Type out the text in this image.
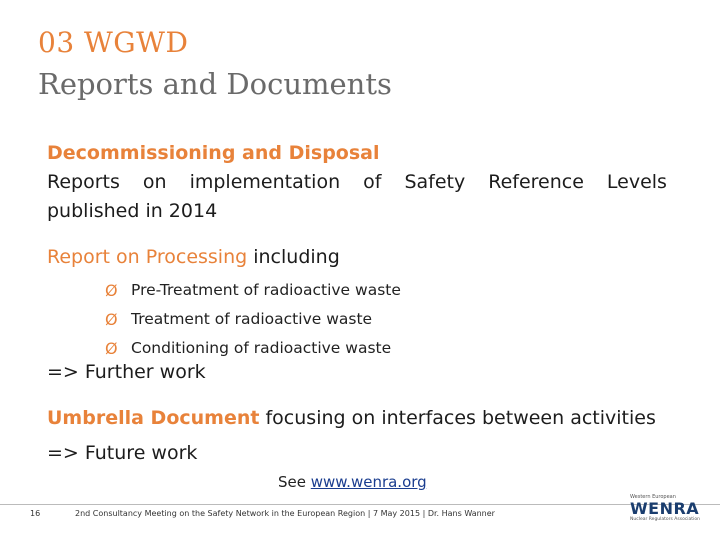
03 WGWD
Reports and Documents
Decommissioning and Disposal
Reports on implementation of Safety Reference Levels
published in 2014
Report on Processing including
Ø Pre-Treatment of radioactive waste
Ø Treatment of radioactive waste
Ø Conditioning of radioactive waste
=> Further work
Umbrella Document focusing on interfaces between activities
=> Future work
See www.wenra.org
16	2nd Consultancy Meeting on the Safety Network in the European Region | 7 May 2015 | Dr. Hans Wanner
Western European
WENRA
Nuclear Regulators Association
